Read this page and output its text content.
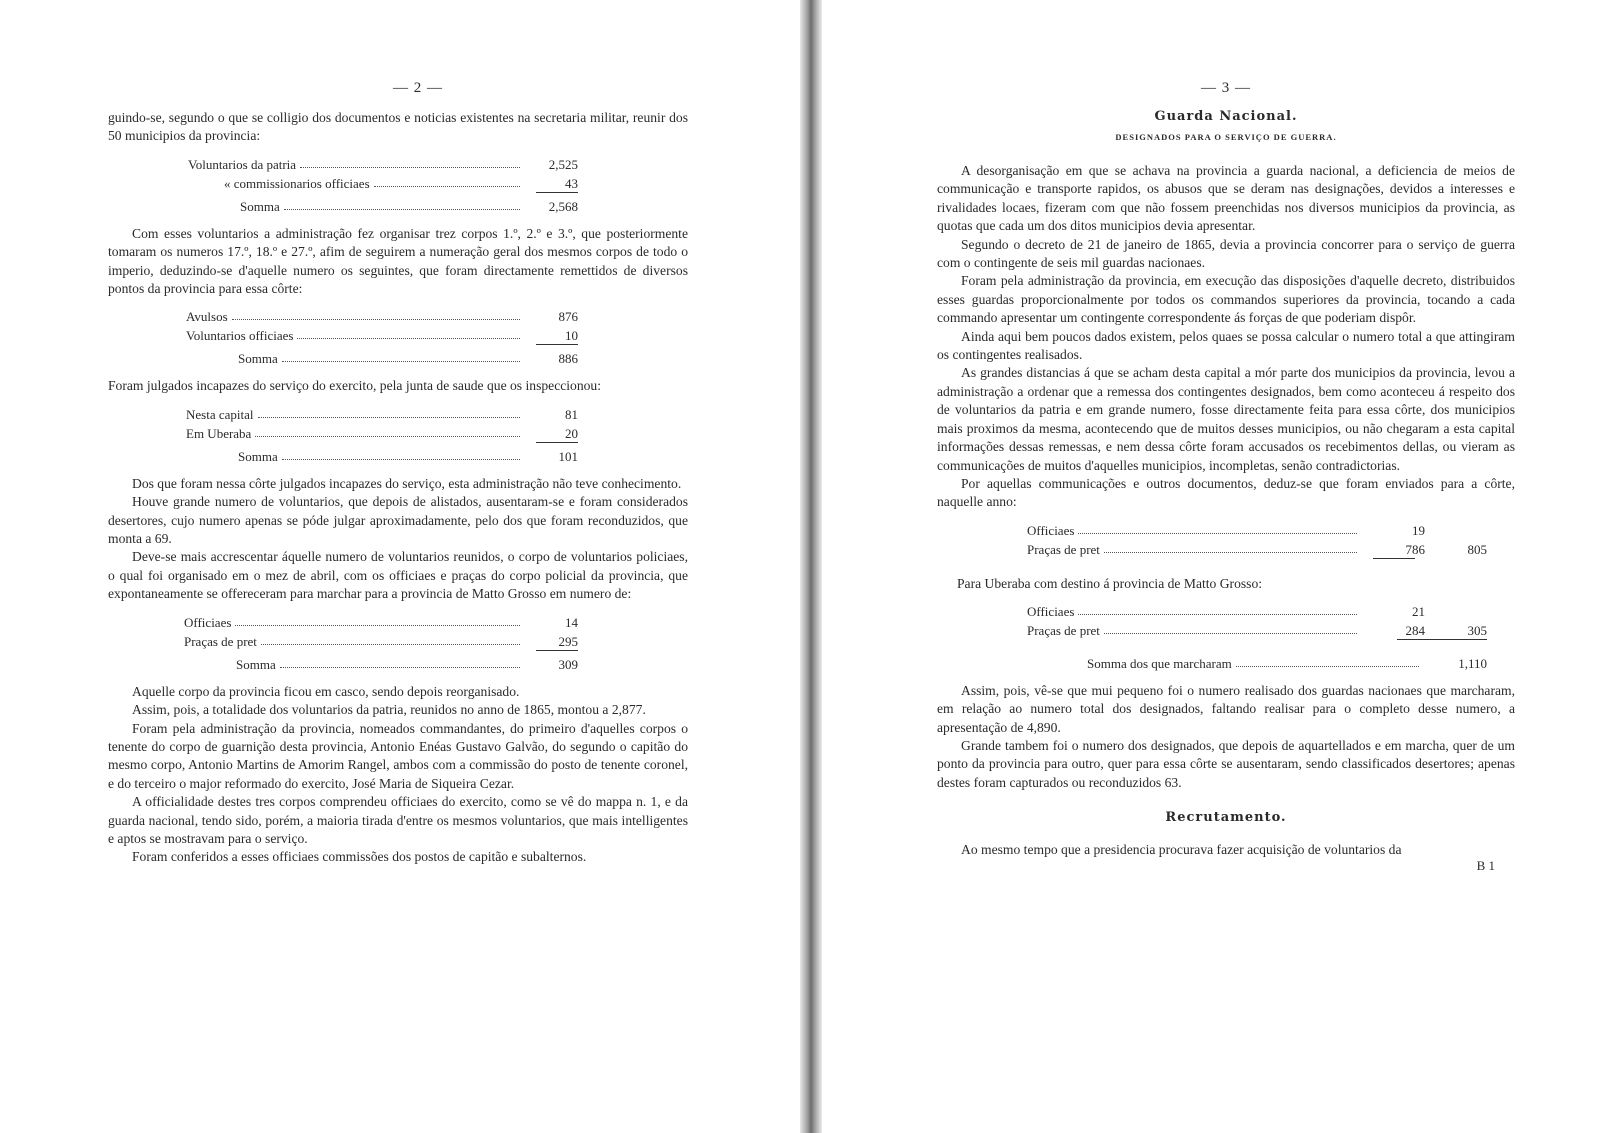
— 2 —

guindo-se, segundo o que se colligio dos documentos e noticias existentes na secretaria militar, reunir dos 50 municipios da provincia:

Voluntarios da patria	2,525
« commissionarios officiaes	43
Somma	2,568

Com esses voluntarios a administração fez organisar trez corpos 1.º, 2.º e 3.º, que posteriormente tomaram os numeros 17.º, 18.º e 27.º, afim de seguirem a numeração geral dos mesmos corpos de todo o imperio, deduzindo-se d'aquelle numero os seguintes, que foram directamente remettidos de diversos pontos da provincia para essa côrte:

Avulsos	876
Voluntarios officiaes	10
Somma	886

Foram julgados incapazes do serviço do exercito, pela junta de saude que os inspeccionou:

Nesta capital	81
Em Uberaba	20
Somma	101

Dos que foram nessa côrte julgados incapazes do serviço, esta administração não teve conhecimento.

Houve grande numero de voluntarios, que depois de alistados, ausentaram-se e foram considerados desertores, cujo numero apenas se póde julgar aproximadamente, pelo dos que foram reconduzidos, que monta a 69.

Deve-se mais accrescentar áquelle numero de voluntarios reunidos, o corpo de voluntarios policiaes, o qual foi organisado em o mez de abril, com os officiaes e praças do corpo policial da provincia, que expontaneamente se offereceram para marchar para a provincia de Matto Grosso em numero de:

Officiaes	14
Praças de pret	295
Somma	309

Aquelle corpo da provincia ficou em casco, sendo depois reorganisado.

Assim, pois, a totalidade dos voluntarios da patria, reunidos no anno de 1865, montou a 2,877.

Foram pela administração da provincia, nomeados commandantes, do primeiro d'aquelles corpos o tenente do corpo de guarnição desta provincia, Antonio Enéas Gustavo Galvão, do segundo o capitão do mesmo corpo, Antonio Martins de Amorim Rangel, ambos com a commissão do posto de tenente coronel, e do terceiro o major reformado do exercito, José Maria de Siqueira Cezar.

A officialidade destes tres corpos comprendeu officiaes do exercito, como se vê do mappa n. 1, e da guarda nacional, tendo sido, porém, a maioria tirada d'entre os mesmos voluntarios, que mais intelligentes e aptos se mostravam para o serviço.

Foram conferidos a esses officiaes commissões dos postos de capitão e subalternos.

— 3 —
Guarda Nacional.
DESIGNADOS PARA O SERVIÇO DE GUERRA.

A desorganisação em que se achava na provincia a guarda nacional, a deficiencia de meios de communicação e transporte rapidos, os abusos que se deram nas designações, devidos a interesses e rivalidades locaes, fizeram com que não fossem preenchidas nos diversos municipios da provincia, as quotas que cada um dos ditos municipios devia apresentar.

Segundo o decreto de 21 de janeiro de 1865, devia a provincia concorrer para o serviço de guerra com o contingente de seis mil guardas nacionaes.

Foram pela administração da provincia, em execução das disposições d'aquelle decreto, distribuidos esses guardas proporcionalmente por todos os commandos superiores da provincia, tocando a cada commando apresentar um contingente correspondente ás forças de que poderiam dispôr.

Ainda aqui bem poucos dados existem, pelos quaes se possa calcular o numero total a que attingiram os contingentes realisados.

As grandes distancias á que se acham desta capital a mór parte dos municipios da provincia, levou a administração a ordenar que a remessa dos contingentes designados, bem como aconteceu á respeito dos de voluntarios da patria e em grande numero, fosse directamente feita para essa côrte, dos municipios mais proximos da mesma, acontecendo que de muitos desses municipios, ou não chegaram a esta capital informações dessas remessas, e nem dessa côrte foram accusados os recebimentos dellas, ou vieram as communicações de muitos d'aquelles municipios, incompletas, senão contradictorias.

Por aquellas communicações e outros documentos, deduz-se que foram enviados para a côrte, naquelle anno:

Officiaes	19
Praças de pret	786	805
Para Uberaba com destino á provincia de Matto Grosso:
Officiaes	21
Praças de pret	284	305
Somma dos que marcharam	1,110

Assim, pois, vê-se que mui pequeno foi o numero realisado dos guardas nacionaes que marcharam, em relação ao numero total dos designados, faltando realisar para o completo desse numero, a apresentação de 4,890.

Grande tambem foi o numero dos designados, que depois de aquartellados e em marcha, quer de um ponto da provincia para outro, quer para essa côrte se ausentaram, sendo classificados desertores; apenas destes foram capturados ou reconduzidos 63.

Recrutamento.

Ao mesmo tempo que a presidencia procurava fazer acquisição de voluntarios da

B 1
